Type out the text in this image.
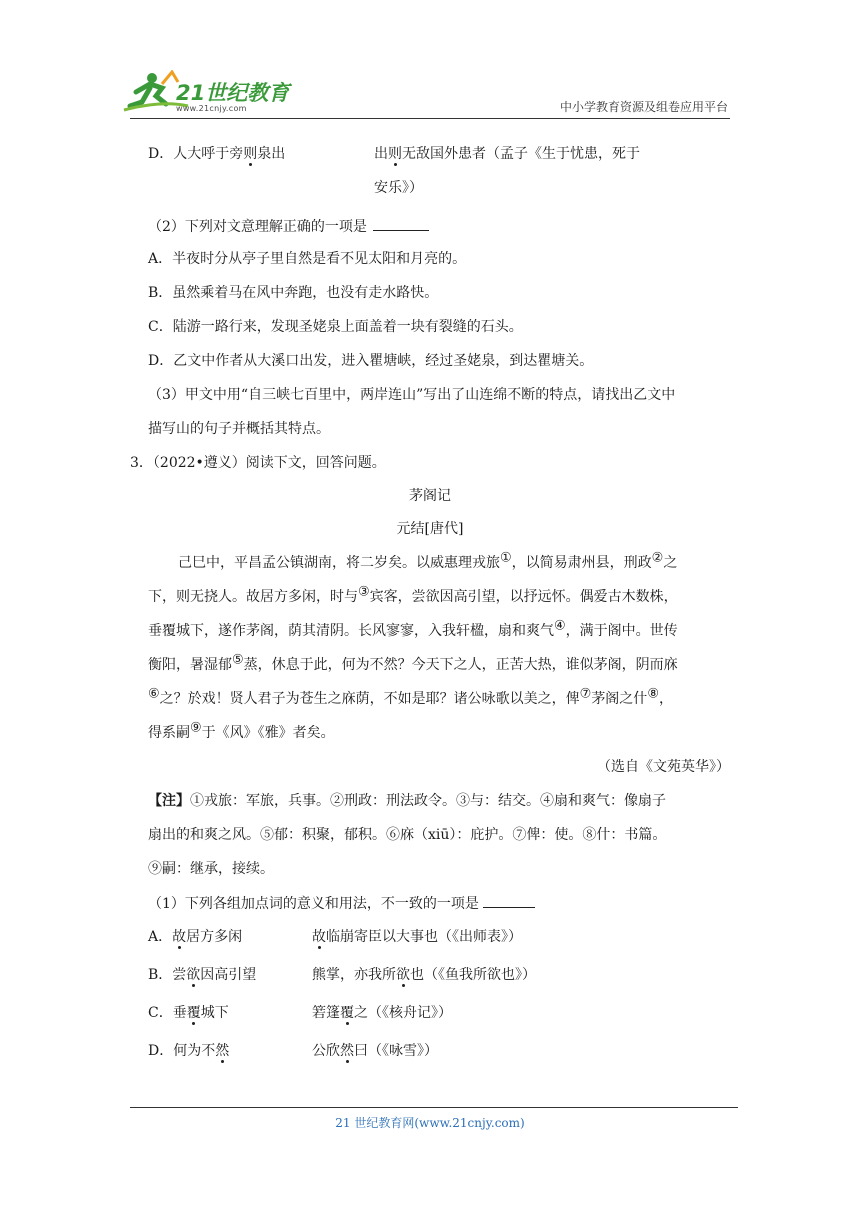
21世纪教育
www.21cnjy.com	中小学教育资源及组卷应用平台
D．人大呼于旁则泉出	出则无敌国外患者（孟子《生于忧患，死于
安乐》）
（2）下列对文意理解正确的一项是
A．半夜时分从亭子里自然是看不见太阳和月亮的。
B．虽然乘着马在风中奔跑，也没有走水路快。
C．陆游一路行来，发现圣姥泉上面盖着一块有裂缝的石头。
D．乙文中作者从大溪口出发，进入瞿塘峡，经过圣姥泉，到达瞿塘关。
（3）甲文中用“自三峡七百里中，两岸连山”写出了山连绵不断的特点，请找出乙文中
描写山的句子并概括其特点。
3．（2022•遵义）阅读下文，回答问题。
茅阁记
元结[唐代]
己巳中，平昌孟公镇湖南，将二岁矣。以威惠理戎旅①，以简易肃州县，刑政②之
下，则无挠人。故居方多闲，时与③宾客，尝欲因高引望，以抒远怀。偶爱古木数株，
垂覆城下，遂作茅阁，荫其清阴。长风寥寥，入我轩楹，扇和爽气④，满于阁中。世传
衡阳，暑湿郁⑤蒸，休息于此，何为不然？今天下之人，正苦大热，谁似茅阁，阴而庥
⑥之？於戏！贤人君子为苍生之庥荫，不如是耶？诸公咏歌以美之，俾⑦茅阁之什⑧，
得系嗣⑨于《风》《雅》者矣。
（选自《文苑英华》）
【注】①戎旅：军旅，兵事。②刑政：刑法政令。③与：结交。④扇和爽气：像扇子
扇出的和爽之风。⑤郁：积聚，郁积。⑥庥（xiū）：庇护。⑦俾：使。⑧什：书篇。
⑨嗣：继承，接续。
（1）下列各组加点词的意义和用法，不一致的一项是
A．故居方多闲	故临崩寄臣以大事也（《出师表》）
B．尝欲因高引望	熊掌，亦我所欲也（《鱼我所欲也》）
C．垂覆城下	箬篷覆之（《核舟记》）
D．何为不然	公欣然曰（《咏雪》）
21 世纪教育网(www.21cnjy.com)
